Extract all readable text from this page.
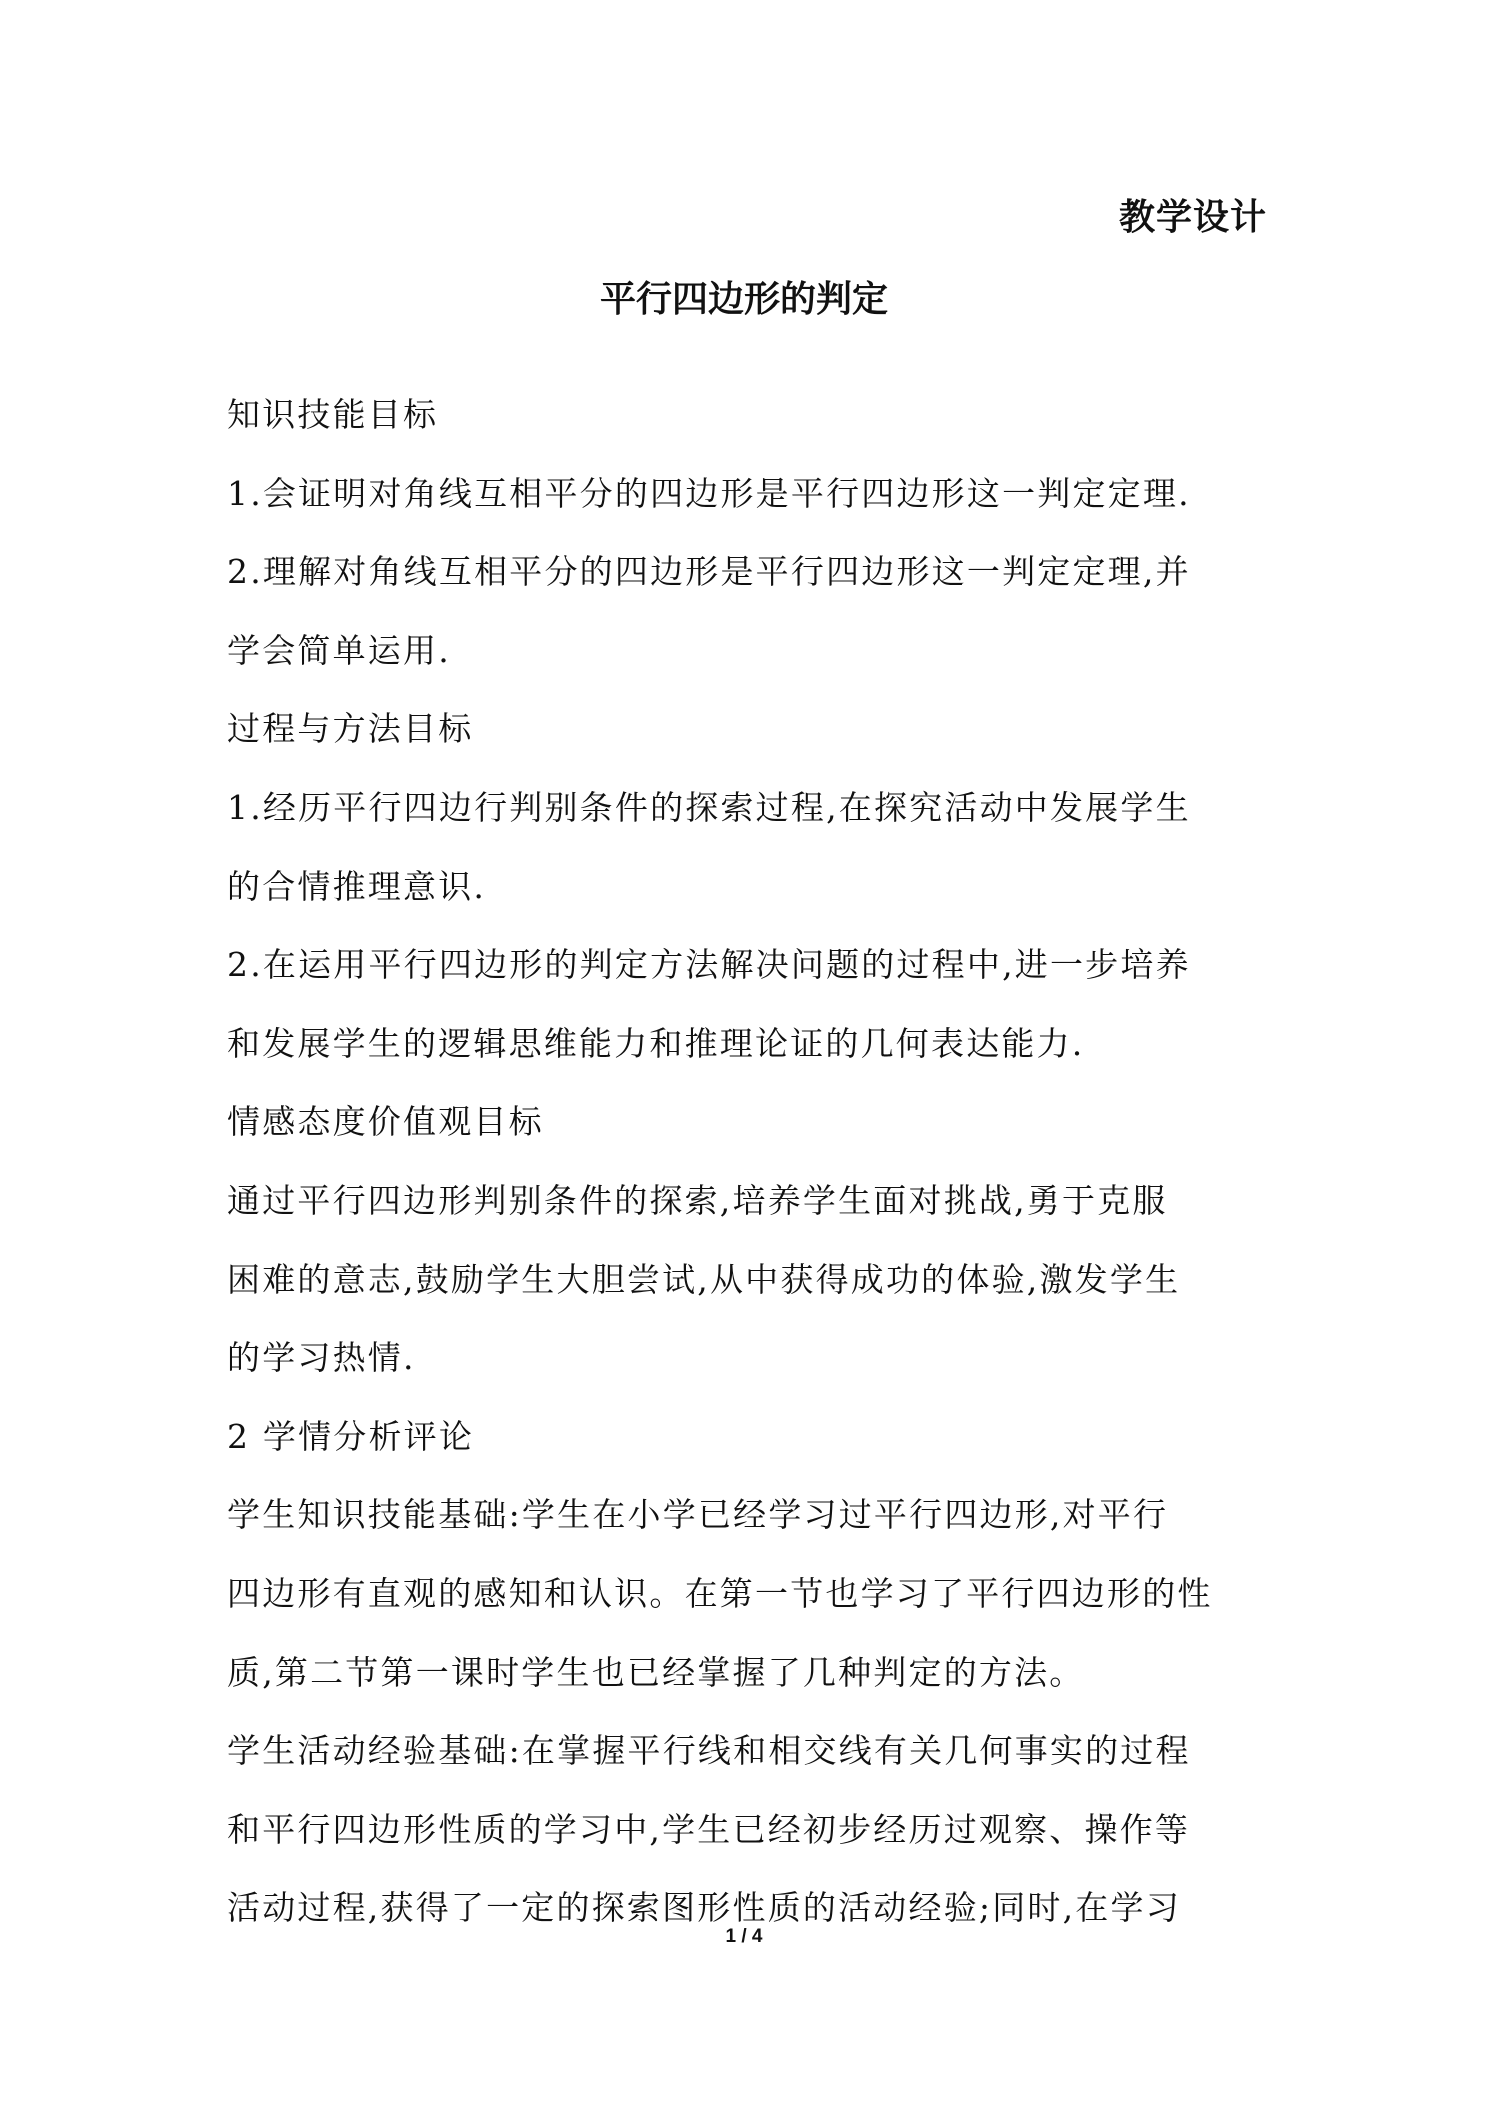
教学设计
平行四边形的判定
知识技能目标
1.会证明对角线互相平分的四边形是平行四边形这一判定定理.
2.理解对角线互相平分的四边形是平行四边形这一判定定理,并
学会简单运用.
过程与方法目标
1.经历平行四边行判别条件的探索过程,在探究活动中发展学生
的合情推理意识.
2.在运用平行四边形的判定方法解决问题的过程中,进一步培养
和发展学生的逻辑思维能力和推理论证的几何表达能力.
情感态度价值观目标
通过平行四边形判别条件的探索,培养学生面对挑战,勇于克服
困难的意志,鼓励学生大胆尝试,从中获得成功的体验,激发学生
的学习热情.
2 学情分析评论
学生知识技能基础:学生在小学已经学习过平行四边形,对平行
四边形有直观的感知和认识。在第一节也学习了平行四边形的性
质,第二节第一课时学生也已经掌握了几种判定的方法。
学生活动经验基础:在掌握平行线和相交线有关几何事实的过程
和平行四边形性质的学习中,学生已经初步经历过观察、操作等
活动过程,获得了一定的探索图形性质的活动经验;同时,在学习
1 / 4
